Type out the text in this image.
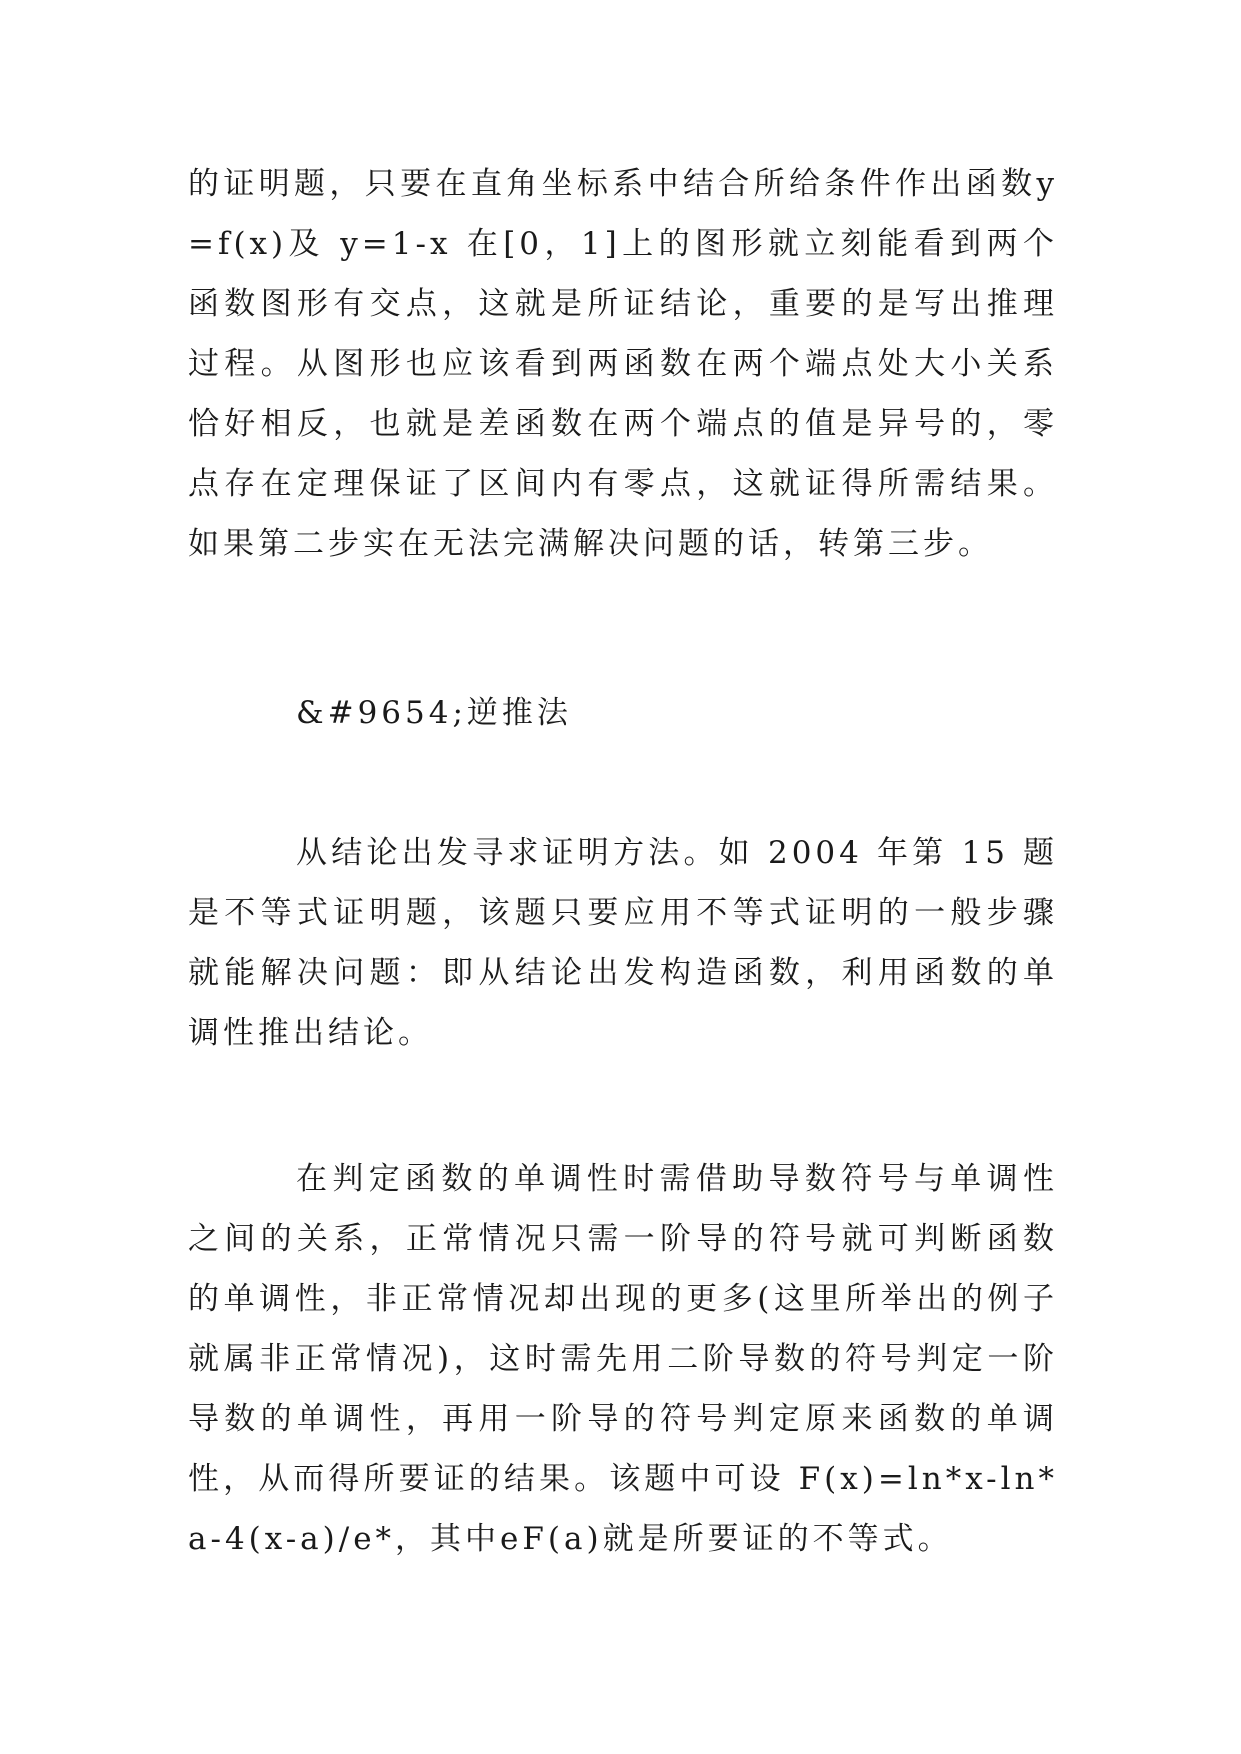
的证明题，只要在直角坐标系中结合所给条件作出函数y=f(x)及 y=1-x 在[0，1]上的图形就立刻能看到两个函数图形有交点，这就是所证结论，重要的是写出推理过程。从图形也应该看到两函数在两个端点处大小关系恰好相反，也就是差函数在两个端点的值是异号的，零点存在定理保证了区间内有零点，这就证得所需结果。如果第二步实在无法完满解决问题的话，转第三步。

&#9654;逆推法

从结论出发寻求证明方法。如 2004 年第 15 题是不等式证明题，该题只要应用不等式证明的一般步骤就能解决问题：即从结论出发构造函数，利用函数的单调性推出结论。

在判定函数的单调性时需借助导数符号与单调性之间的关系，正常情况只需一阶导的符号就可判断函数的单调性，非正常情况却出现的更多(这里所举出的例子就属非正常情况)，这时需先用二阶导数的符号判定一阶导数的单调性，再用一阶导的符号判定原来函数的单调性，从而得所要证的结果。该题中可设 F(x)=ln*x-ln*a-4(x-a)/e*，其中eF(a)就是所要证的不等式。
